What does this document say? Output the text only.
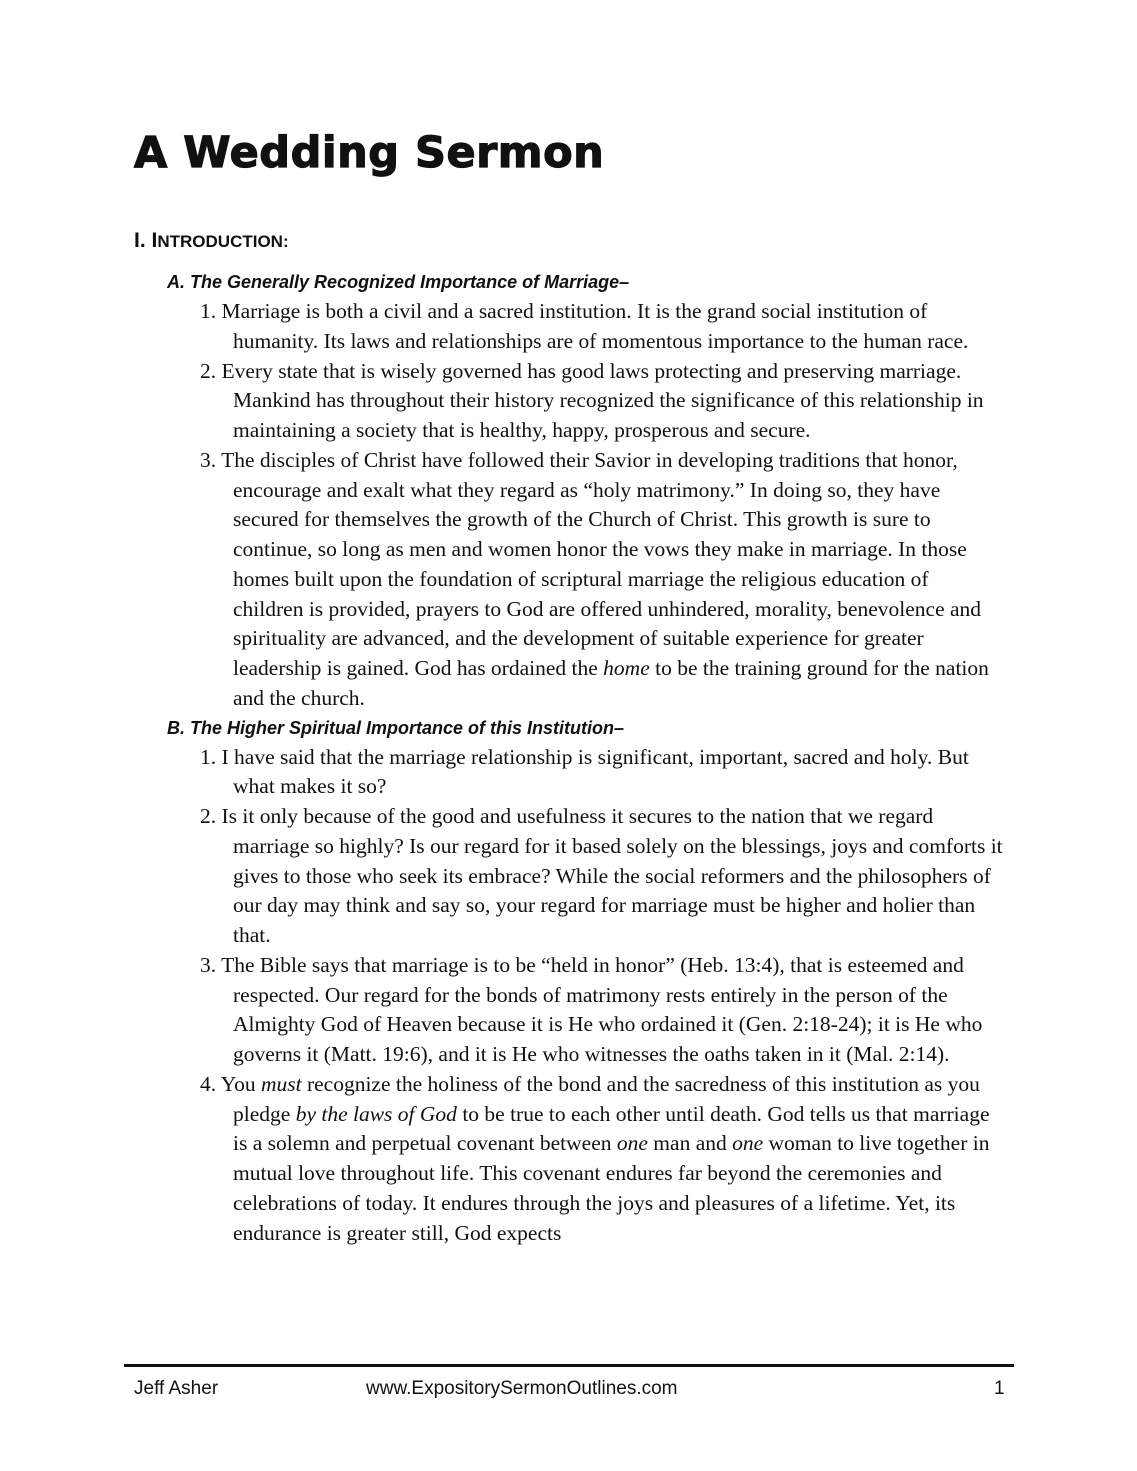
A Wedding Sermon
I. INTRODUCTION:
A. The Generally Recognized Importance of Marriage–
1. Marriage is both a civil and a sacred institution. It is the grand social institution of humanity. Its laws and relationships are of momentous importance to the human race.
2. Every state that is wisely governed has good laws protecting and preserving marriage. Mankind has throughout their history recognized the significance of this relationship in maintaining a society that is healthy, happy, prosperous and secure.
3. The disciples of Christ have followed their Savior in developing traditions that honor, encourage and exalt what they regard as “holy matrimony.” In doing so, they have secured for themselves the growth of the Church of Christ. This growth is sure to continue, so long as men and women honor the vows they make in marriage. In those homes built upon the foundation of scriptural marriage the religious education of children is provided, prayers to God are offered unhindered, morality, benevolence and spirituality are advanced, and the development of suitable experience for greater leadership is gained. God has ordained the home to be the training ground for the nation and the church.
B. The Higher Spiritual Importance of this Institution–
1. I have said that the marriage relationship is significant, important, sacred and holy. But what makes it so?
2. Is it only because of the good and usefulness it secures to the nation that we regard marriage so highly? Is our regard for it based solely on the blessings, joys and comforts it gives to those who seek its embrace? While the social reformers and the philosophers of our day may think and say so, your regard for marriage must be higher and holier than that.
3. The Bible says that marriage is to be “held in honor” (Heb. 13:4), that is esteemed and respected. Our regard for the bonds of matrimony rests entirely in the person of the Almighty God of Heaven because it is He who ordained it (Gen. 2:18-24); it is He who governs it (Matt. 19:6), and it is He who witnesses the oaths taken in it (Mal. 2:14).
4. You must recognize the holiness of the bond and the sacredness of this institution as you pledge by the laws of God to be true to each other until death. God tells us that marriage is a solemn and perpetual covenant between one man and one woman to live together in mutual love throughout life. This covenant endures far beyond the ceremonies and celebrations of today. It endures through the joys and pleasures of a lifetime. Yet, its endurance is greater still, God expects
Jeff Asher	www.ExpositorySermonOutlines.com	1
